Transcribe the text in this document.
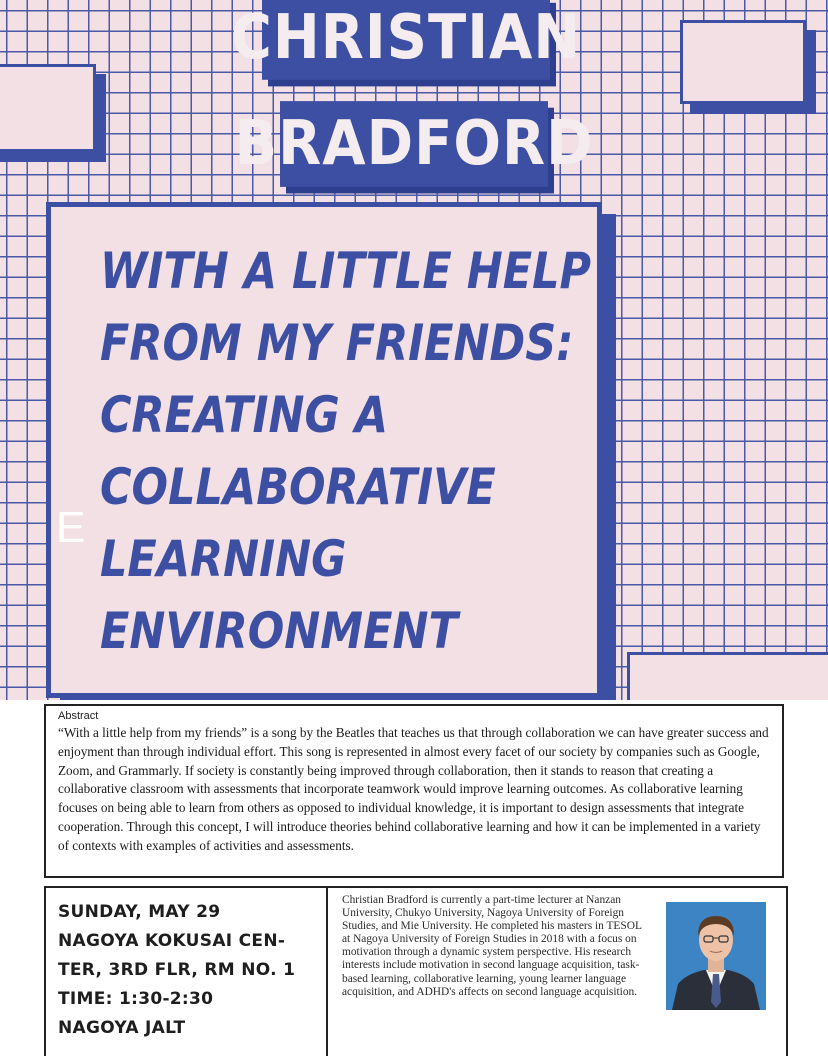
CHRISTIAN
BRADFORD
WITH A LITTLE HELP
FROM MY FRIENDS:
CREATING A
COLLABORATIVE
LEARNING
ENVIRONMENT
E
Abstract
“With a little help from my friends” is a song by the Beatles that teaches us that through collaboration we can have greater success and enjoyment than through individual effort. This song is represented in almost every facet of our society by companies such as Google, Zoom, and Grammarly. If society is constantly being improved through collaboration, then it stands to reason that creating a collaborative classroom with assessments that incorporate teamwork would improve learning outcomes. As collaborative learning focuses on being able to learn from others as opposed to individual knowledge, it is important to design assessments that integrate cooperation. Through this concept, I will introduce theories behind collaborative learning and how it can be implemented in a variety of contexts with examples of activities and assessments.
SUNDAY, MAY 29
NAGOYA KOKUSAI CEN-
TER, 3RD FLR, RM NO. 1
TIME: 1:30-2:30
NAGOYA JALT
Christian Bradford is currently a part-time lecturer at Nanzan University, Chukyo University, Nagoya University of Foreign Studies, and Mie University. He completed his masters in TESOL at Nagoya University of Foreign Studies in 2018 with a focus on motivation through a dynamic system perspective. His research interests include motivation in second language acquisition, task-based learning, collaborative learning, young learner language acquisition, and ADHD's affects on second language acquisition.
